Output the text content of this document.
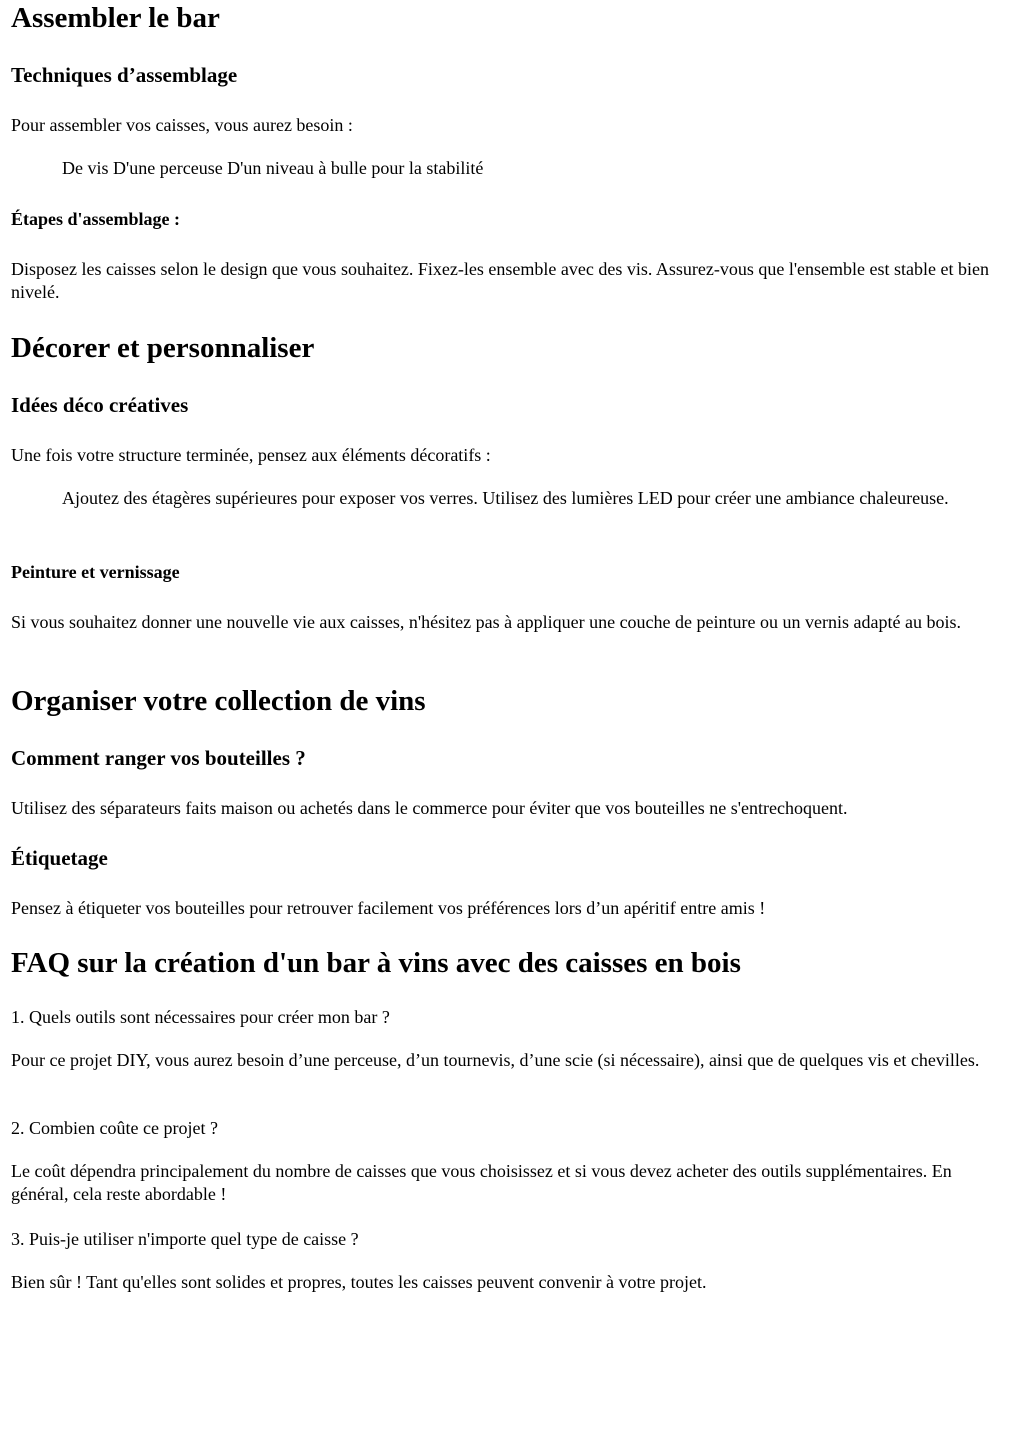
Assembler le bar
Techniques d’assemblage

Pour assembler vos caisses, vous aurez besoin :

De vis D'une perceuse D'un niveau à bulle pour la stabilité

Étapes d'assemblage :

Disposez les caisses selon le design que vous souhaitez. Fixez-les ensemble avec des vis. Assurez-vous que l'ensemble est stable et bien nivelé.

Décorer et personnaliser
Idées déco créatives

Une fois votre structure terminée, pensez aux éléments décoratifs :

Ajoutez des étagères supérieures pour exposer vos verres. Utilisez des lumières LED pour créer une ambiance chaleureuse.

Peinture et vernissage

Si vous souhaitez donner une nouvelle vie aux caisses, n'hésitez pas à appliquer une couche de peinture ou un vernis adapté au bois.

Organiser votre collection de vins
Comment ranger vos bouteilles ?

Utilisez des séparateurs faits maison ou achetés dans le commerce pour éviter que vos bouteilles ne s'entrechoquent.

Étiquetage

Pensez à étiqueter vos bouteilles pour retrouver facilement vos préférences lors d’un apéritif entre amis !

FAQ sur la création d'un bar à vins avec des caisses en bois

1. Quels outils sont nécessaires pour créer mon bar ?

Pour ce projet DIY, vous aurez besoin d’une perceuse, d’un tournevis, d’une scie (si nécessaire), ainsi que de quelques vis et chevilles.

2. Combien coûte ce projet ?

Le coût dépendra principalement du nombre de caisses que vous choisissez et si vous devez acheter des outils supplémentaires. En général, cela reste abordable !

3. Puis-je utiliser n'importe quel type de caisse ?

Bien sûr ! Tant qu'elles sont solides et propres, toutes les caisses peuvent convenir à votre projet.
